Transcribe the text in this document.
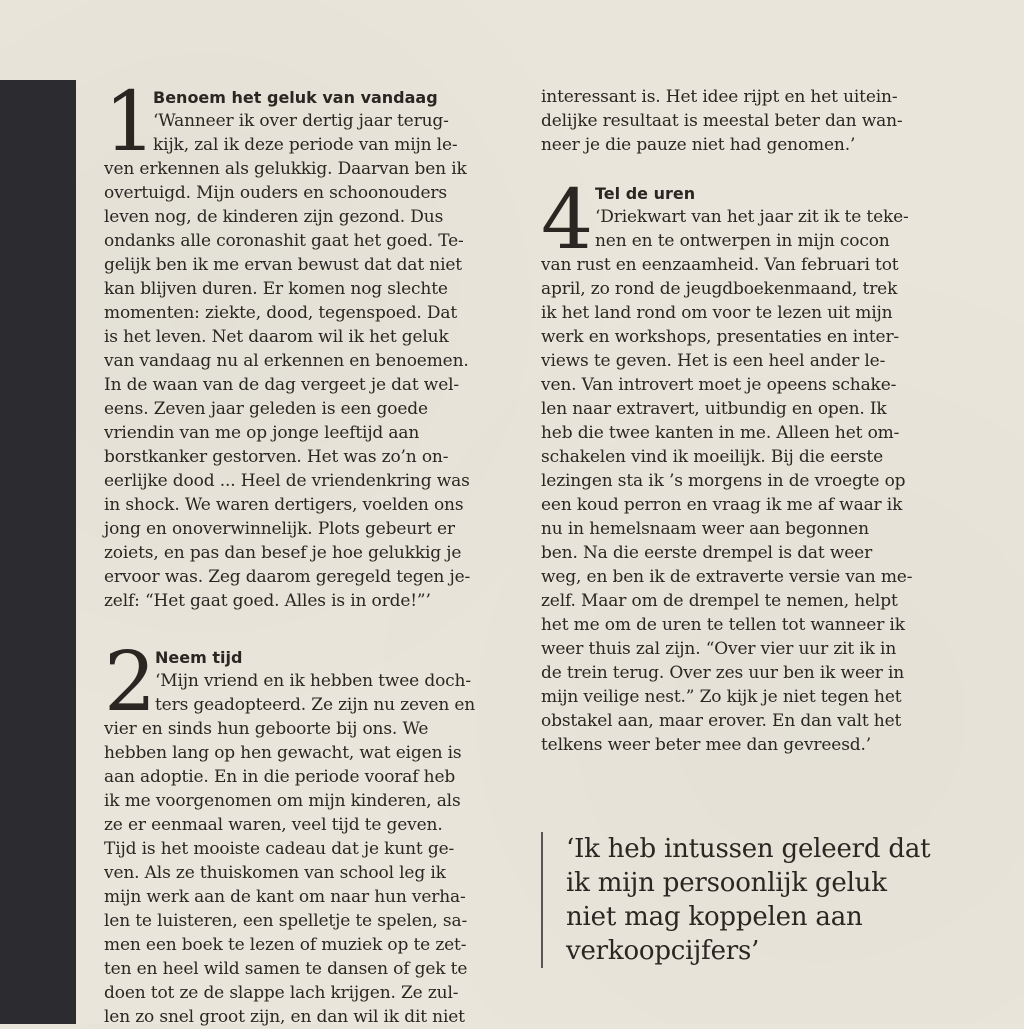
1
Benoem het geluk van vandaag
‘Wanneer ik over dertig jaar terug-
kijk, zal ik deze periode van mijn le-
ven erkennen als gelukkig. Daarvan ben ik
overtuigd. Mijn ouders en schoonouders
leven nog, de kinderen zijn gezond. Dus
ondanks alle coronashit gaat het goed. Te-
gelijk ben ik me ervan bewust dat dat niet
kan blijven duren. Er komen nog slechte
momenten: ziekte, dood, tegenspoed. Dat
is het leven. Net daarom wil ik het geluk
van vandaag nu al erkennen en benoemen.
In de waan van de dag vergeet je dat wel-
eens. Zeven jaar geleden is een goede
vriendin van me op jonge leeftijd aan
borstkanker gestorven. Het was zo’n on-
eerlijke dood ... Heel de vriendenkring was
in shock. We waren dertigers, voelden ons
jong en onoverwinnelijk. Plots gebeurt er
zoiets, en pas dan besef je hoe gelukkig je
ervoor was. Zeg daarom geregeld tegen je-
zelf: “Het gaat goed. Alles is in orde!”’
2
Neem tijd
‘Mijn vriend en ik hebben twee doch-
ters geadopteerd. Ze zijn nu zeven en
vier en sinds hun geboorte bij ons. We
hebben lang op hen gewacht, wat eigen is
aan adoptie. En in die periode vooraf heb
ik me voorgenomen om mijn kinderen, als
ze er eenmaal waren, veel tijd te geven.
Tijd is het mooiste cadeau dat je kunt ge-
ven. Als ze thuiskomen van school leg ik
mijn werk aan de kant om naar hun verha-
len te luisteren, een spelletje te spelen, sa-
men een boek te lezen of muziek op te zet-
ten en heel wild samen te dansen of gek te
doen tot ze de slappe lach krijgen. Ze zul-
len zo snel groot zijn, en dan wil ik dit niet
interessant is. Het idee rijpt en het uitein-
delijke resultaat is meestal beter dan wan-
neer je die pauze niet had genomen.’
4 Tel de uren
‘Driekwart van het jaar zit ik te teke-
nen en te ontwerpen in mijn cocon
van rust en eenzaamheid. Van februari tot
april, zo rond de jeugdboekenmaand, trek
ik het land rond om voor te lezen uit mijn
werk en workshops, presentaties en inter-
views te geven. Het is een heel ander le-
ven. Van introvert moet je opeens schake-
len naar extravert, uitbundig en open. Ik
heb die twee kanten in me. Alleen het om-
schakelen vind ik moeilijk. Bij die eerste
lezingen sta ik ’s morgens in de vroegte op
een koud perron en vraag ik me af waar ik
nu in hemelsnaam weer aan begonnen
ben. Na die eerste drempel is dat weer
weg, en ben ik de extraverte versie van me-
zelf. Maar om de drempel te nemen, helpt
het me om de uren te tellen tot wanneer ik
weer thuis zal zijn. “Over vier uur zit ik in
de trein terug. Over zes uur ben ik weer in
mijn veilige nest.” Zo kijk je niet tegen het
obstakel aan, maar erover. En dan valt het
telkens weer beter mee dan gevreesd.’
‘Ik heb intussen geleerd dat
ik mijn persoonlijk geluk
niet mag koppelen aan
verkoopcijfers’
